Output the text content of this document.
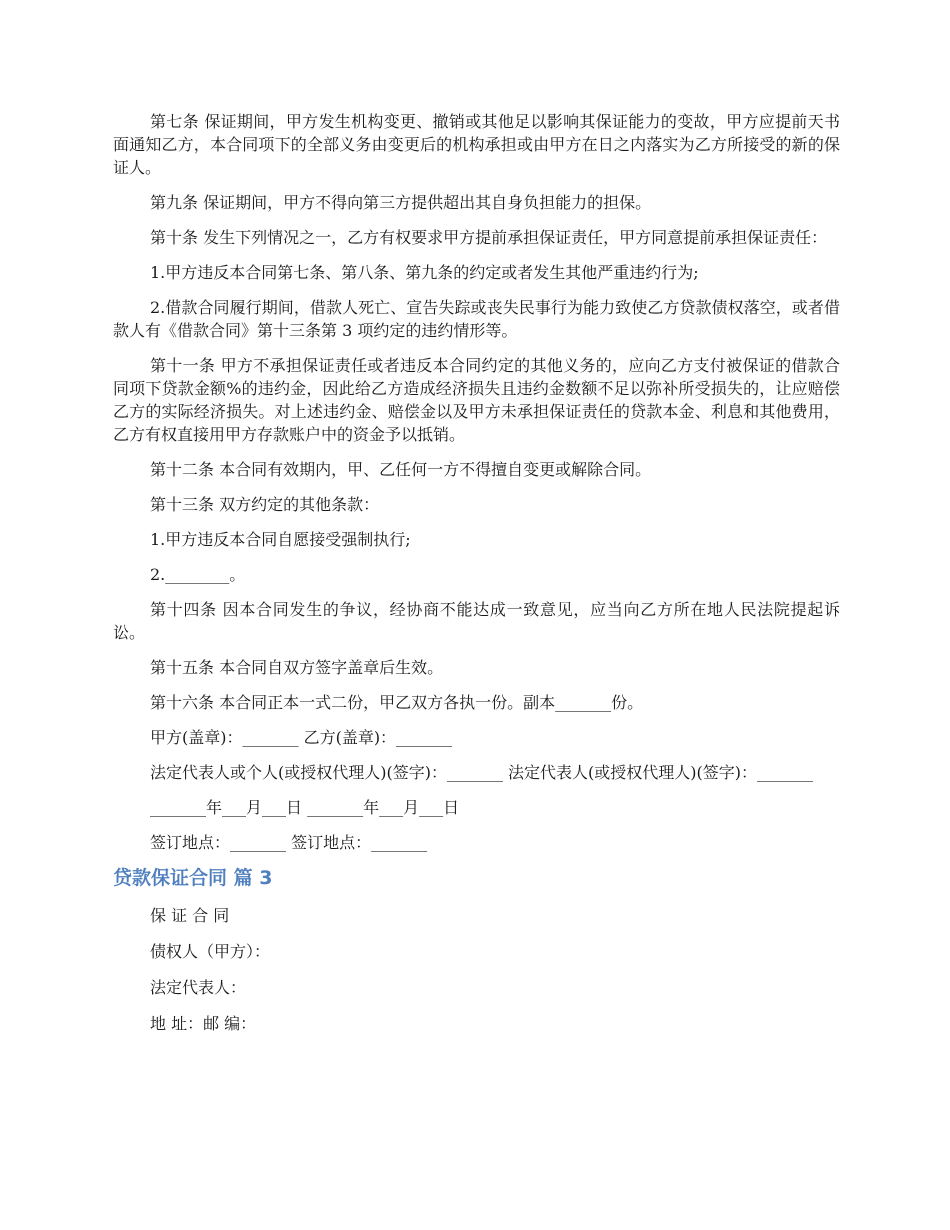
第七条 保证期间，甲方发生机构变更、撤销或其他足以影响其保证能力的变故，甲方应提前天书面通知乙方，本合同项下的全部义务由变更后的机构承担或由甲方在日之内落实为乙方所接受的新的保证人。

第九条 保证期间，甲方不得向第三方提供超出其自身负担能力的担保。

第十条 发生下列情况之一，乙方有权要求甲方提前承担保证责任，甲方同意提前承担保证责任：

1.甲方违反本合同第七条、第八条、第九条的约定或者发生其他严重违约行为;

2.借款合同履行期间，借款人死亡、宣告失踪或丧失民事行为能力致使乙方贷款债权落空，或者借款人有《借款合同》第十三条第 3 项约定的违约情形等。

第十一条 甲方不承担保证责任或者违反本合同约定的其他义务的，应向乙方支付被保证的借款合同项下贷款金额%的违约金，因此给乙方造成经济损失且违约金数额不足以弥补所受损失的，让应赔偿乙方的实际经济损失。对上述违约金、赔偿金以及甲方未承担保证责任的贷款本金、利息和其他费用，乙方有权直接用甲方存款账户中的资金予以抵销。

第十二条 本合同有效期内，甲、乙任何一方不得擅自变更或解除合同。

第十三条 双方约定的其他条款：

1.甲方违反本合同自愿接受强制执行;

2.________。

第十四条 因本合同发生的争议，经协商不能达成一致意见，应当向乙方所在地人民法院提起诉讼。

第十五条 本合同自双方签字盖章后生效。

第十六条 本合同正本一式二份，甲乙双方各执一份。副本_______份。

甲方(盖章)：_______ 乙方(盖章)：_______

法定代表人或个人(或授权代理人)(签字)：_______ 法定代表人(或授权代理人)(签字)：_______

_______年___月___日 _______年___月___日

签订地点：_______ 签订地点：_______

贷款保证合同 篇 3

保 证 合 同

债权人（甲方）：

法定代表人：

地 址：邮 编：
